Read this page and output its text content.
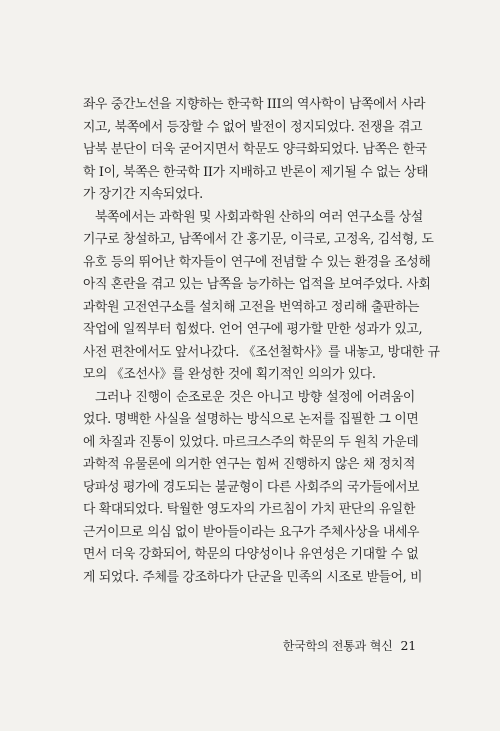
좌우 중간노선을 지향하는 한국학 III의 역사학이 남쪽에서 사라
지고, 북쪽에서 등장할 수 없어 발전이 정지되었다. 전쟁을 겪고
남북 분단이 더욱 굳어지면서 학문도 양극화되었다. 남쪽은 한국
학 I이, 북쪽은 한국학 II가 지배하고 반론이 제기될 수 없는 상태
가 장기간 지속되었다.
북쪽에서는 과학원 및 사회과학원 산하의 여러 연구소를 상설
기구로 창설하고, 남쪽에서 간 홍기문, 이극로, 고정옥, 김석형, 도
유호 등의 뛰어난 학자들이 연구에 전념할 수 있는 환경을 조성해
아직 혼란을 겪고 있는 남쪽을 능가하는 업적을 보여주었다. 사회
과학원 고전연구소를 설치해 고전을 번역하고 정리해 출판하는
작업에 일찍부터 힘썼다. 언어 연구에 평가할 만한 성과가 있고,
사전 편찬에서도 앞서나갔다. 《조선철학사》를 내놓고, 방대한 규
모의 《조선사》를 완성한 것에 획기적인 의의가 있다.
그러나 진행이 순조로운 것은 아니고 방향 설정에 어려움이
었다. 명백한 사실을 설명하는 방식으로 논저를 집필한 그 이면
에 차질과 진통이 있었다. 마르크스주의 학문의 두 원칙 가운데
과학적 유물론에 의거한 연구는 힘써 진행하지 않은 채 정치적
당파성 평가에 경도되는 불균형이 다른 사회주의 국가들에서보
다 확대되었다. 탁월한 영도자의 가르침이 가치 판단의 유일한
근거이므로 의심 없이 받아들이라는 요구가 주체사상을 내세우
면서 더욱 강화되어, 학문의 다양성이나 유연성은 기대할 수 없
게 되었다. 주체를 강조하다가 단군을 민족의 시조로 받들어, 비
한국학의 전통과 혁신 21
